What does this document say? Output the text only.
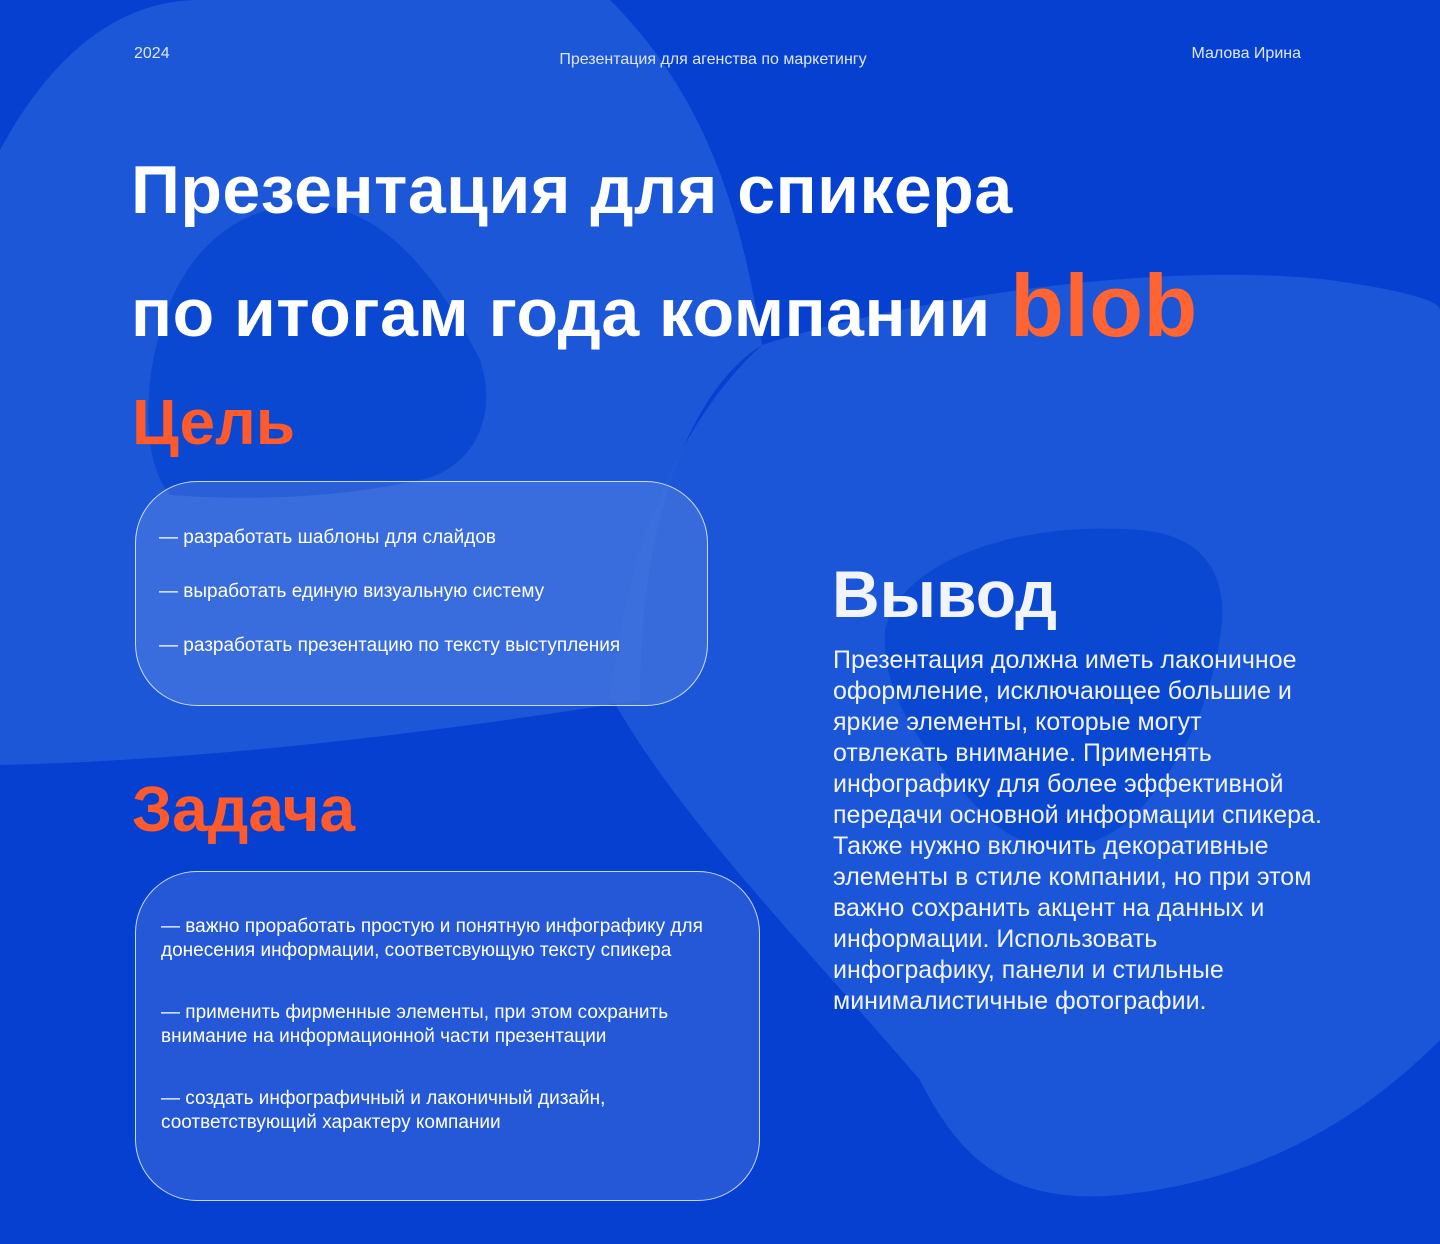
2024	Презентация для агенства по маркетингу	Малова Ирина
Презентация для спикера
по итогам года компании blob
Цель

— разработать шаблоны для слайдов

— выработать единую визуальную систему

— разработать презентацию по тексту выступления

Задача

— важно проработать простую и понятную инфографику для донесения информации, соответсвующую тексту спикера

— применить фирменные элементы, при этом сохранить внимание на информационной части презентации

— создать инфографичный и лаконичный дизайн, соответствующий характеру компании

Вывод

Презентация должна иметь лаконичное оформление, исключающее большие и яркие элементы, которые могут отвлекать внимание. Применять инфографику для более эффективной передачи основной информации спикера. Также нужно включить декоративные элементы в стиле компании, но при этом важно сохранить акцент на данных и информации. Использовать инфографику, панели и стильные минималистичные фотографии.
